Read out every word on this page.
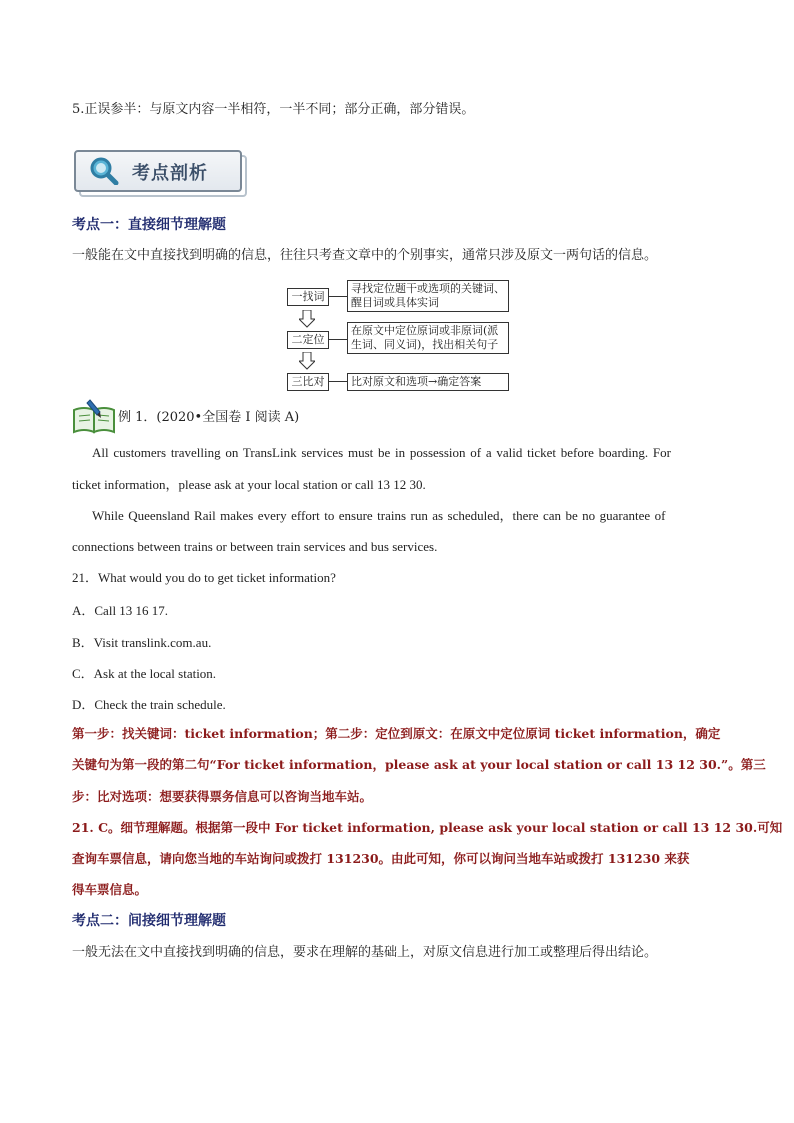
5.正误参半：与原文内容一半相符，一半不同；部分正确，部分错误。
考点剖析
考点一：直接细节理解题
一般能在文中直接找到明确的信息，往往只考查文章中的个别事实，通常只涉及原文一两句话的信息。
一找词
寻找定位题干或选项的关键词、
醒目词或具体实词
二定位
在原文中定位原词或非原词(派
生词、同义词)，找出相关句子
三比对	比对原文和选项→确定答案
例 1．(2020•全国卷 I 阅读 A)
All customers travelling on TransLink services must be in possession of a valid ticket before boarding. For
ticket information，please ask at your local station or call 13 12 30.
While Queensland Rail makes every effort to ensure trains run as scheduled，there can be no guarantee of
connections between trains or between train services and bus services.
21．What would you do to get ticket information?
A．Call 13 16 17.
B．Visit translink.com.au.
C．Ask at the local station.
D．Check the train schedule.
第一步：找关键词：ticket information；第二步：定位到原文：在原文中定位原词 ticket information，确定
关键句为第一段的第二句“For ticket information，please ask at your local station or call 13 12 30.”。第三
步：比对选项：想要获得票务信息可以咨询当地车站。
21. C。细节理解题。根据第一段中 For ticket information, please ask your local station or call 13 12 30.可知
查询车票信息，请向您当地的车站询问或拨打 131230。由此可知，你可以询问当地车站或拨打 131230 来获
得车票信息。
考点二：间接细节理解题
一般无法在文中直接找到明确的信息，要求在理解的基础上，对原文信息进行加工或整理后得出结论。
